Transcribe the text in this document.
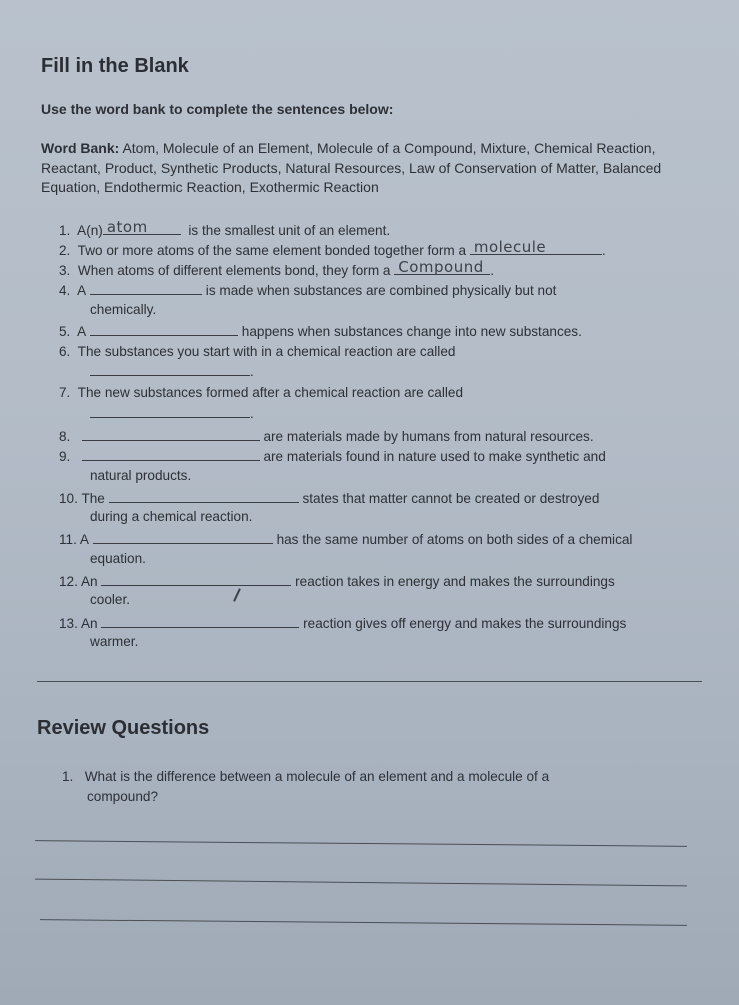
Fill in the Blank
Use the word bank to complete the sentences below:
Word Bank: Atom, Molecule of an Element, Molecule of a Compound, Mixture, Chemical Reaction, Reactant, Product, Synthetic Products, Natural Resources, Law of Conservation of Matter, Balanced Equation, Endothermic Reaction, Exothermic Reaction
1. A(n) atom	is the smallest unit of an element.
2. Two or more atoms of the same element bonded together form a molecule	.
3. When atoms of different elements bond, they form a Compound .
4. A	is made when substances are combined physically but not
chemically.
5. A	happens when substances change into new substances.
6. The substances you start with in a chemical reaction are called
.
7. The new substances formed after a chemical reaction are called
.
8.	are materials made by humans from natural resources.
9.	are materials found in nature used to make synthetic and
natural products.
10. The	states that matter cannot be created or destroyed
during a chemical reaction.
11. A	has the same number of atoms on both sides of a chemical
equation.
12. An	reaction takes in energy and makes the surroundings
cooler.
13. An	reaction gives off energy and makes the surroundings
warmer.
Review Questions
1. What is the difference between a molecule of an element and a molecule of a
compound?
